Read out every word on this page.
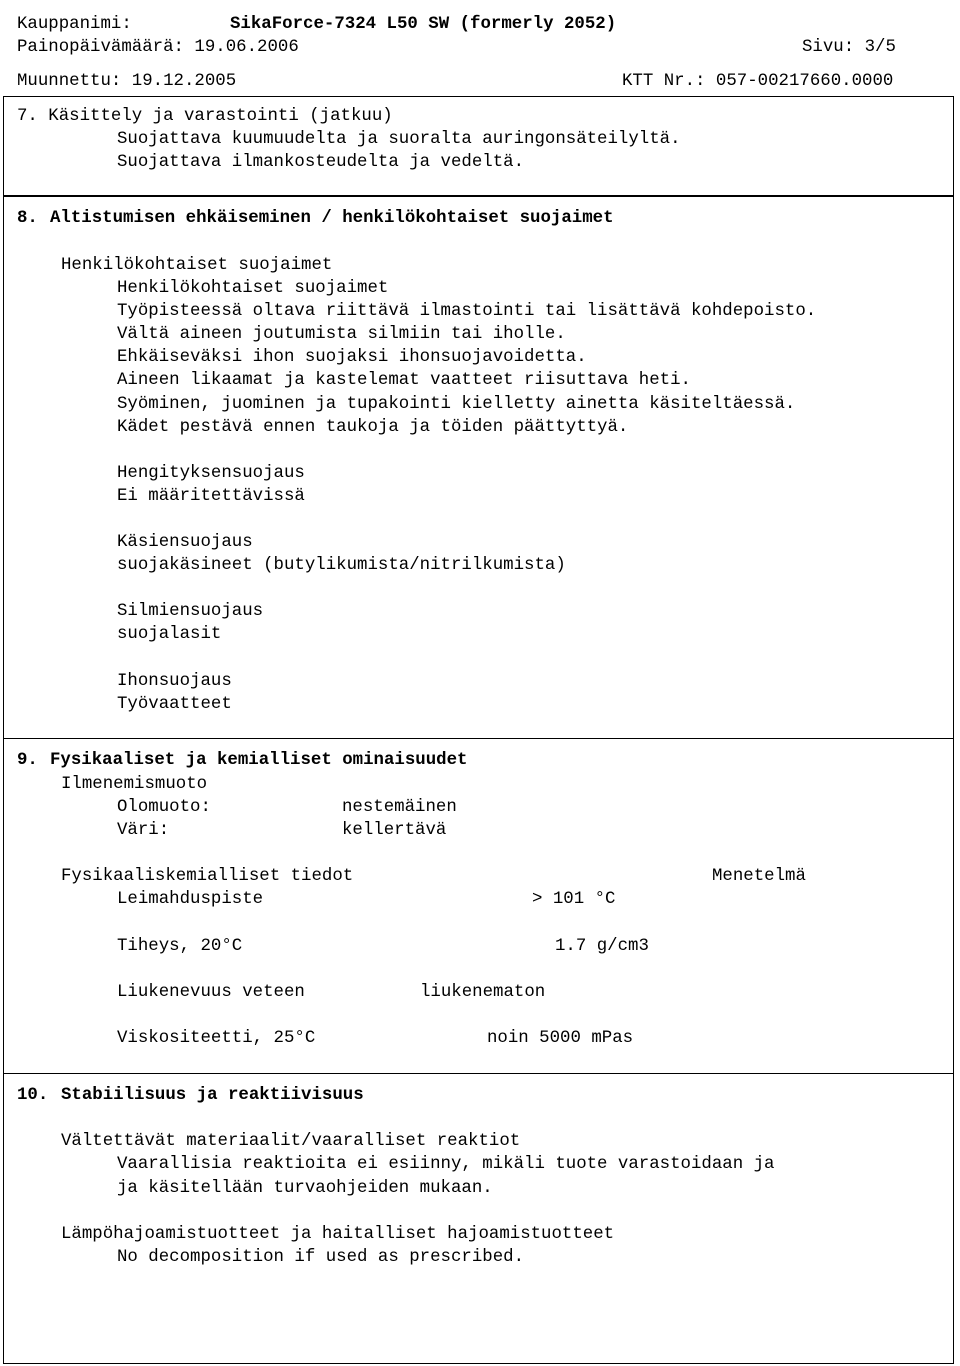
Kauppanimi:	SikaForce-7324 L50 SW (formerly 2052)
Painopäivämäärä: 19.06.2006	Sivu: 3/5
Muunnettu: 19.12.2005	KTT Nr.: 057-00217660.0000
7. Käsittely ja varastointi (jatkuu)
Suojattava kuumuudelta ja suoralta auringonsäteilyltä.
Suojattava ilmankosteudelta ja vedeltä.
8. Altistumisen ehkäiseminen / henkilökohtaiset suojaimet
Henkilökohtaiset suojaimet
Henkilökohtaiset suojaimet
Työpisteessä oltava riittävä ilmastointi tai lisättävä kohdepoisto.
Vältä aineen joutumista silmiin tai iholle.
Ehkäiseväksi ihon suojaksi ihonsuojavoidetta.
Aineen likaamat ja kastelemat vaatteet riisuttava heti.
Syöminen, juominen ja tupakointi kielletty ainetta käsiteltäessä.
Kädet pestävä ennen taukoja ja töiden päättyttyä.
Hengityksensuojaus
Ei määritettävissä
Käsiensuojaus
suojakäsineet (butylikumista/nitrilkumista)
Silmiensuojaus
suojalasit
Ihonsuojaus
Työvaatteet
9. Fysikaaliset ja kemialliset ominaisuudet
Ilmenemismuoto
Olomuoto:	nestemäinen
Väri:	kellertävä
Fysikaaliskemialliset tiedot	Menetelmä
Leimahduspiste	> 101 °C
Tiheys, 20°C	1.7 g/cm3
Liukenevuus veteen	liukenematon
Viskositeetti, 25°C	noin 5000 mPas
10. Stabiilisuus ja reaktiivisuus
Vältettävät materiaalit/vaaralliset reaktiot
Vaarallisia reaktioita ei esiinny, mikäli tuote varastoidaan ja
ja käsitellään turvaohjeiden mukaan.
Lämpöhajoamistuotteet ja haitalliset hajoamistuotteet
No decomposition if used as prescribed.
